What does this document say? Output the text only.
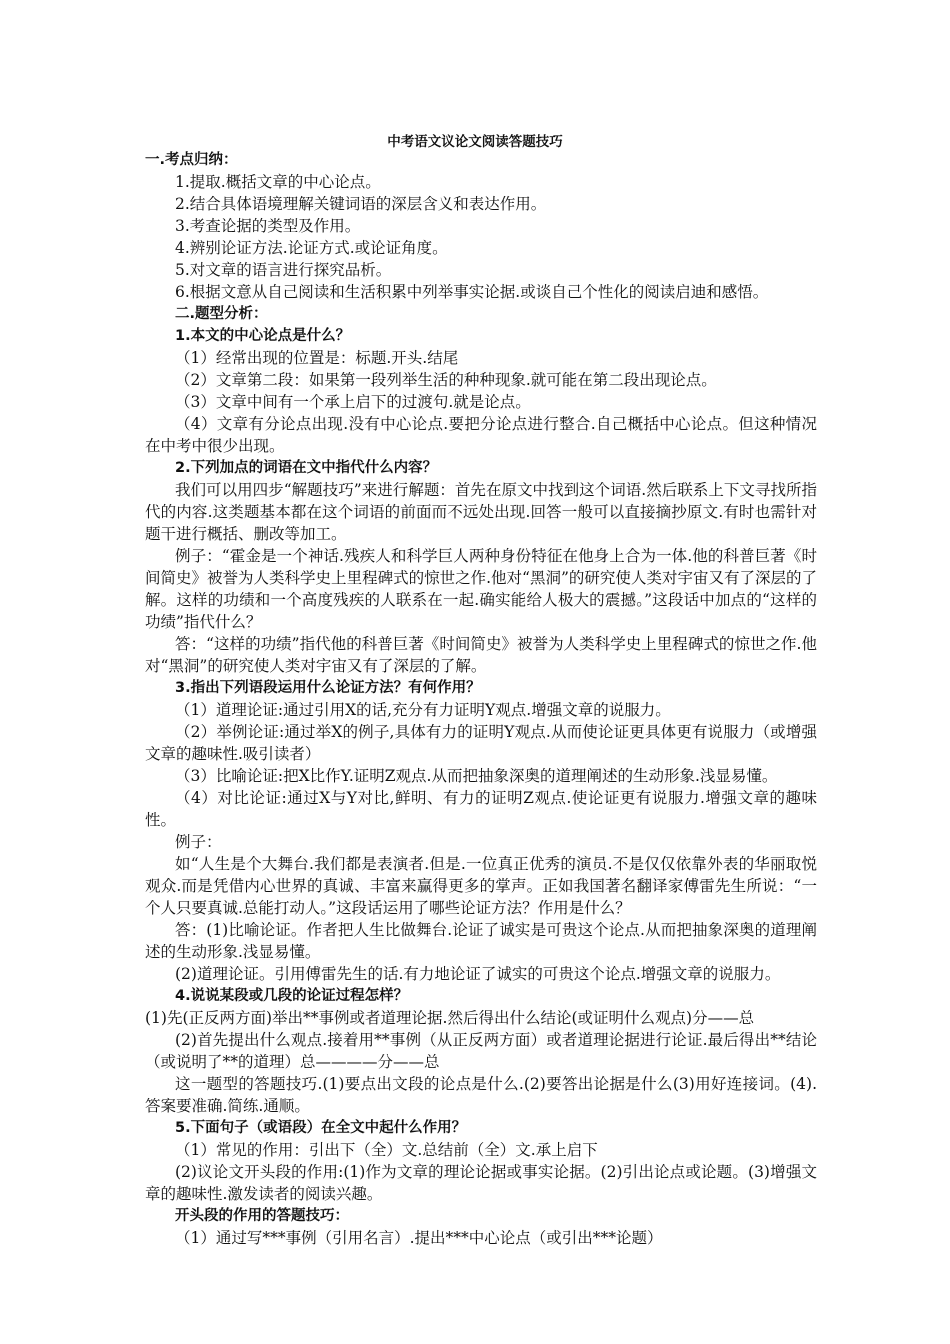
中考语文议论文阅读答题技巧
一.考点归纳：
1.提取.概括文章的中心论点。
2.结合具体语境理解关键词语的深层含义和表达作用。
3.考查论据的类型及作用。
4.辨别论证方法.论证方式.或论证角度。
5.对文章的语言进行探究品析。
6.根据文意从自己阅读和生活积累中列举事实论据.或谈自己个性化的阅读启迪和感悟。
二.题型分析：
1.本文的中心论点是什么？
（1）经常出现的位置是：标题.开头.结尾
（2）文章第二段：如果第一段列举生活的种种现象.就可能在第二段出现论点。
（3）文章中间有一个承上启下的过渡句.就是论点。
（4）文章有分论点出现.没有中心论点.要把分论点进行整合.自己概括中心论点。但这种情况在中考中很少出现。
2.下列加点的词语在文中指代什么内容？
我们可以用四步“解题技巧”来进行解题：首先在原文中找到这个词语.然后联系上下文寻找所指代的内容.这类题基本都在这个词语的前面而不远处出现.回答一般可以直接摘抄原文.有时也需针对题干进行概括、删改等加工。
例子：“霍金是一个神话.残疾人和科学巨人两种身份特征在他身上合为一体.他的科普巨著《时间简史》被誉为人类科学史上里程碑式的惊世之作.他对“黑洞”的研究使人类对宇宙又有了深层的了解。这样的功绩和一个高度残疾的人联系在一起.确实能给人极大的震撼。”这段话中加点的“这样的功绩”指代什么？
答：“这样的功绩”指代他的科普巨著《时间简史》被誉为人类科学史上里程碑式的惊世之作.他对“黑洞”的研究使人类对宇宙又有了深层的了解。
3.指出下列语段运用什么论证方法？有何作用？
（1）道理论证:通过引用X的话,充分有力证明Y观点.增强文章的说服力。
（2）举例论证:通过举X的例子,具体有力的证明Y观点.从而使论证更具体更有说服力（或增强文章的趣味性.吸引读者）
（3）比喻论证:把X比作Y.证明Z观点.从而把抽象深奥的道理阐述的生动形象.浅显易懂。
（4）对比论证:通过X与Y对比,鲜明、有力的证明Z观点.使论证更有说服力.增强文章的趣味性。
例子：
如“人生是个大舞台.我们都是表演者.但是.一位真正优秀的演员.不是仅仅依靠外表的华丽取悦观众.而是凭借内心世界的真诚、丰富来赢得更多的掌声。正如我国著名翻译家傅雷先生所说：“一个人只要真诚.总能打动人。”这段话运用了哪些论证方法？作用是什么？
答：(1)比喻论证。作者把人生比做舞台.论证了诚实是可贵这个论点.从而把抽象深奥的道理阐述的生动形象.浅显易懂。
(2)道理论证。引用傅雷先生的话.有力地论证了诚实的可贵这个论点.增强文章的说服力。
4.说说某段或几段的论证过程怎样？
(1)先(正反两方面)举出**事例或者道理论据.然后得出什么结论(或证明什么观点)分——总
(2)首先提出什么观点.接着用**事例（从正反两方面）或者道理论据进行论证.最后得出**结论（或说明了**的道理）总————分——总
这一题型的答题技巧.(1)要点出文段的论点是什么.(2)要答出论据是什么(3)用好连接词。(4).答案要准确.简练.通顺。
5.下面句子（或语段）在全文中起什么作用？
（1）常见的作用：引出下（全）文.总结前（全）文.承上启下
(2)议论文开头段的作用:(1)作为文章的理论论据或事实论据。(2)引出论点或论题。(3)增强文章的趣味性.激发读者的阅读兴趣。
开头段的作用的答题技巧：
（1）通过写***事例（引用名言）.提出***中心论点（或引出***论题）
